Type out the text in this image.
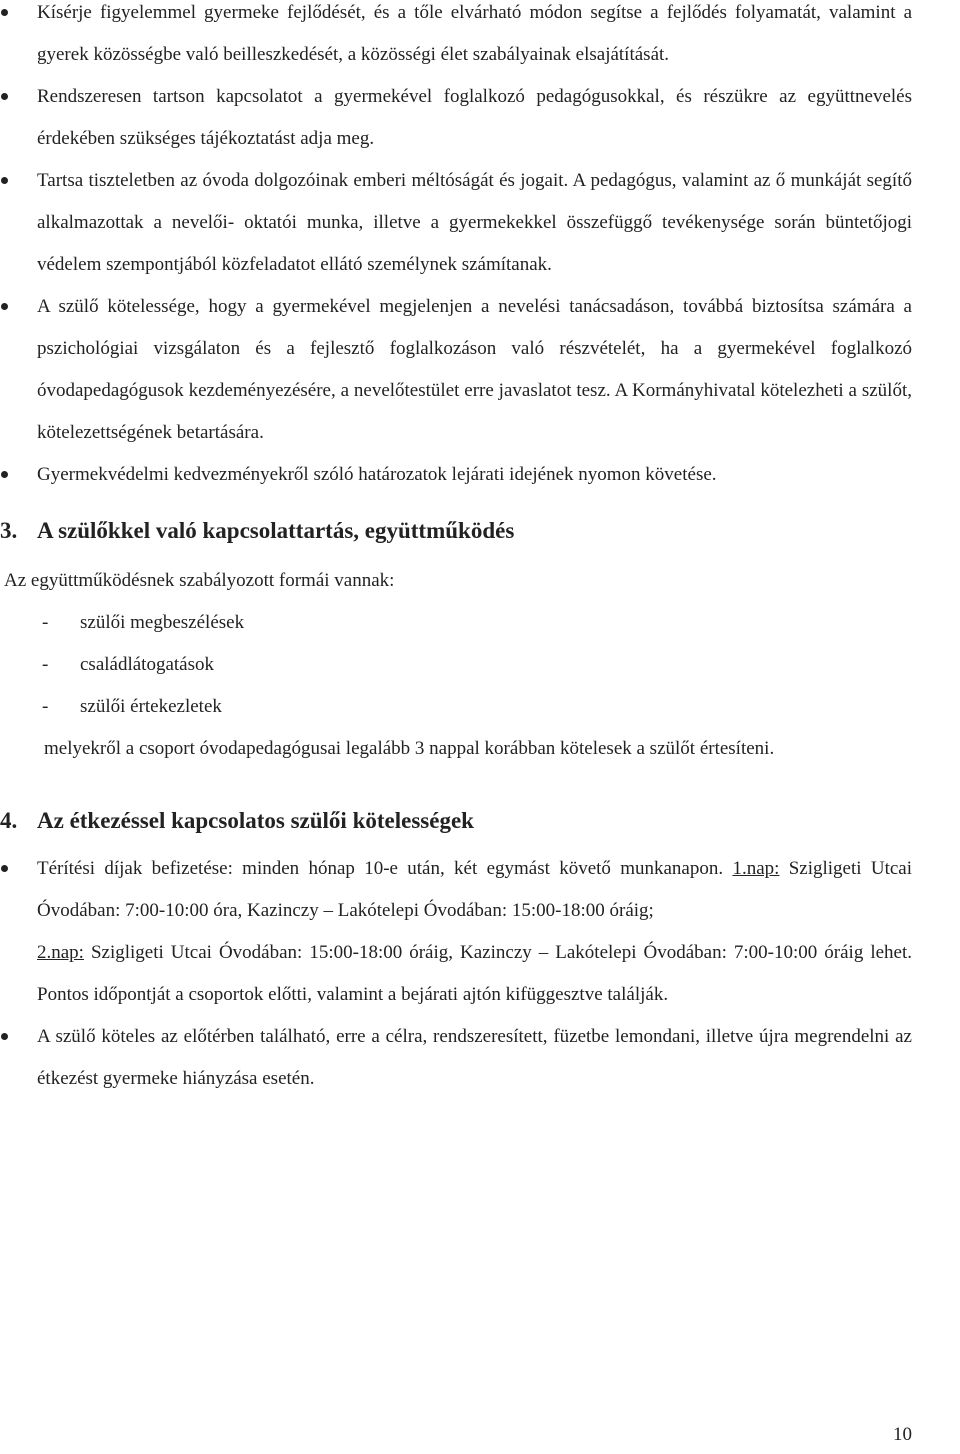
Kísérje figyelemmel gyermeke fejlődését, és a tőle elvárható módon segítse a fejlődés folyamatát, valamint a gyerek közösségbe való beilleszkedését, a közösségi élet szabályainak elsajátítását.

Rendszeresen tartson kapcsolatot a gyermekével foglalkozó pedagógusokkal, és részükre az együttnevelés érdekében szükséges tájékoztatást adja meg.

Tartsa tiszteletben az óvoda dolgozóinak emberi méltóságát és jogait. A pedagógus, valamint az ő munkáját segítő alkalmazottak a nevelői- oktatói munka, illetve a gyermekekkel összefüggő tevékenysége során büntetőjogi védelem szempontjából közfeladatot ellátó személynek számítanak.

A szülő kötelessége, hogy a gyermekével megjelenjen a nevelési tanácsadáson, továbbá biztosítsa számára a pszichológiai vizsgálaton és a fejlesztő foglalkozáson való részvételét, ha a gyermekével foglalkozó óvodapedagógusok kezdeményezésére, a nevelőtestület erre javaslatot tesz. A Kormányhivatal kötelezheti a szülőt, kötelezettségének betartására.

Gyermekvédelmi kedvezményekről szóló határozatok lejárati idejének nyomon követése.

3. A szülőkkel való kapcsolattartás, együttműködés

Az együttműködésnek szabályozott formái vannak:

- szülői megbeszélések
- családlátogatások
- szülői értekezletek

melyekről a csoport óvodapedagógusai legalább 3 nappal korábban kötelesek a szülőt értesíteni.

4. Az étkezéssel kapcsolatos szülői kötelességek

Térítési díjak befizetése: minden hónap 10-e után, két egymást követő munkanapon. 1.nap: Szigligeti Utcai Óvodában: 7:00-10:00 óra, Kazinczy – Lakótelepi Óvodában: 15:00-18:00 óráig;
2.nap: Szigligeti Utcai Óvodában: 15:00-18:00 óráig, Kazinczy – Lakótelepi Óvodában: 7:00-10:00 óráig lehet. Pontos időpontját a csoportok előtti, valamint a bejárati ajtón kifüggesztve találják.

A szülő köteles az előtérben található, erre a célra, rendszeresített, füzetbe lemondani, illetve újra megrendelni az étkezést gyermeke hiányzása esetén.

10
